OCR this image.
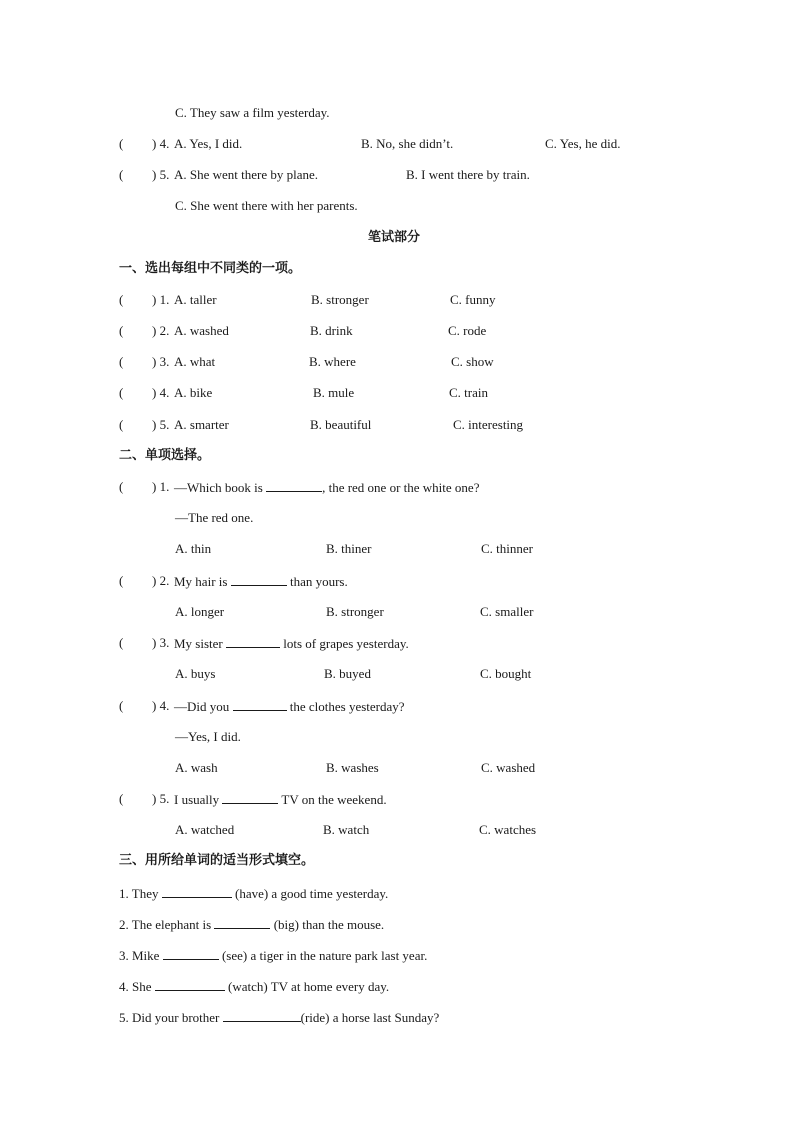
C. They saw a film yesterday.
( ) 4. A. Yes, I did.	B. No, she didn’t.	C. Yes, he did.
( ) 5. A. She went there by plane.	B. I went there by train.
C. She went there with her parents.
笔试部分
一、选出每组中不同类的一项。
( ) 1. A. taller	B. stronger	C. funny
( ) 2. A. washed	B. drink	C. rode
( ) 3. A. what	B. where	C. show
( ) 4. A. bike	B. mule	C. train
( ) 5. A. smarter	B. beautiful	C. interesting
二、单项选择。
( ) 1. —Which book is	, the red one or the white one?
—The red one.
A. thin	B. thiner	C. thinner
( ) 2. My hair is	than yours.
A. longer	B. stronger	C. smaller
( ) 3. My sister	lots of grapes yesterday.
A. buys	B. buyed	C. bought
( ) 4. —Did you	the clothes yesterday?
—Yes, I did.
A. wash	B. washes	C. washed
( ) 5. I usually	TV on the weekend.
A. watched	B. watch	C. watches
三、用所给单词的适当形式填空。
1. They	(have) a good time yesterday.
2. The elephant is	(big) than the mouse.
3. Mike	(see) a tiger in the nature park last year.
4. She	(watch) TV at home every day.
5. Did your brother	(ride) a horse last Sunday?
